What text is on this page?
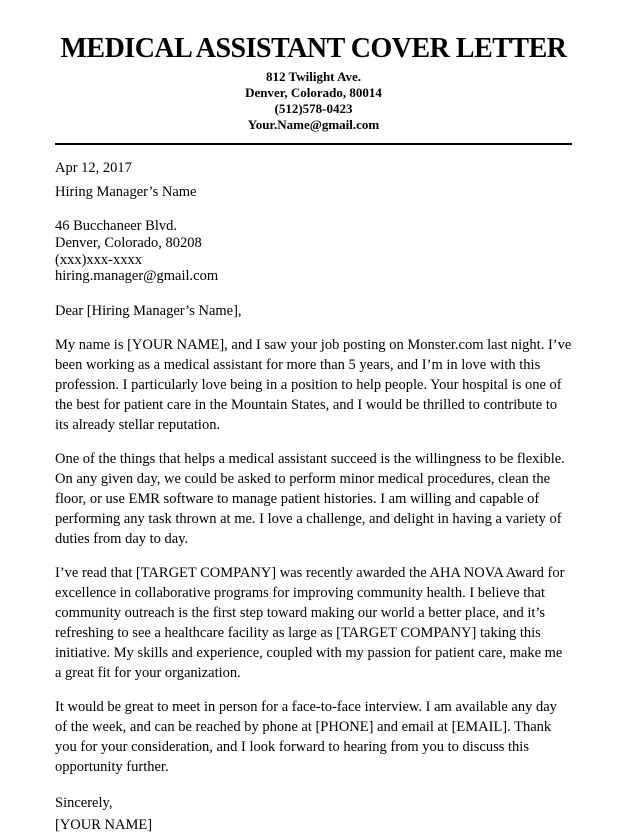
MEDICAL ASSISTANT COVER LETTER
812 Twilight Ave.
Denver, Colorado, 80014
(512)578-0423
Your.Name@gmail.com
Apr 12, 2017
Hiring Manager’s Name
46 Bucchaneer Blvd.
Denver, Colorado, 80208
(xxx)xxx-xxxx
hiring.manager@gmail.com
Dear [Hiring Manager’s Name],

My name is [YOUR NAME], and I saw your job posting on Monster.com last night. I’ve been working as a medical assistant for more than 5 years, and I’m in love with this profession. I particularly love being in a position to help people. Your hospital is one of the best for patient care in the Mountain States, and I would be thrilled to contribute to its already stellar reputation.

One of the things that helps a medical assistant succeed is the willingness to be flexible. On any given day, we could be asked to perform minor medical procedures, clean the floor, or use EMR software to manage patient histories. I am willing and capable of performing any task thrown at me. I love a challenge, and delight in having a variety of duties from day to day.

I’ve read that [TARGET COMPANY] was recently awarded the AHA NOVA Award for excellence in collaborative programs for improving community health. I believe that community outreach is the first step toward making our world a better place, and it’s refreshing to see a healthcare facility as large as [TARGET COMPANY] taking this initiative. My skills and experience, coupled with my passion for patient care, make me a great fit for your organization.

It would be great to meet in person for a face-to-face interview. I am available any day of the week, and can be reached by phone at [PHONE] and email at [EMAIL]. Thank you for your consideration, and I look forward to hearing from you to discuss this opportunity further.

Sincerely,
[YOUR NAME]
